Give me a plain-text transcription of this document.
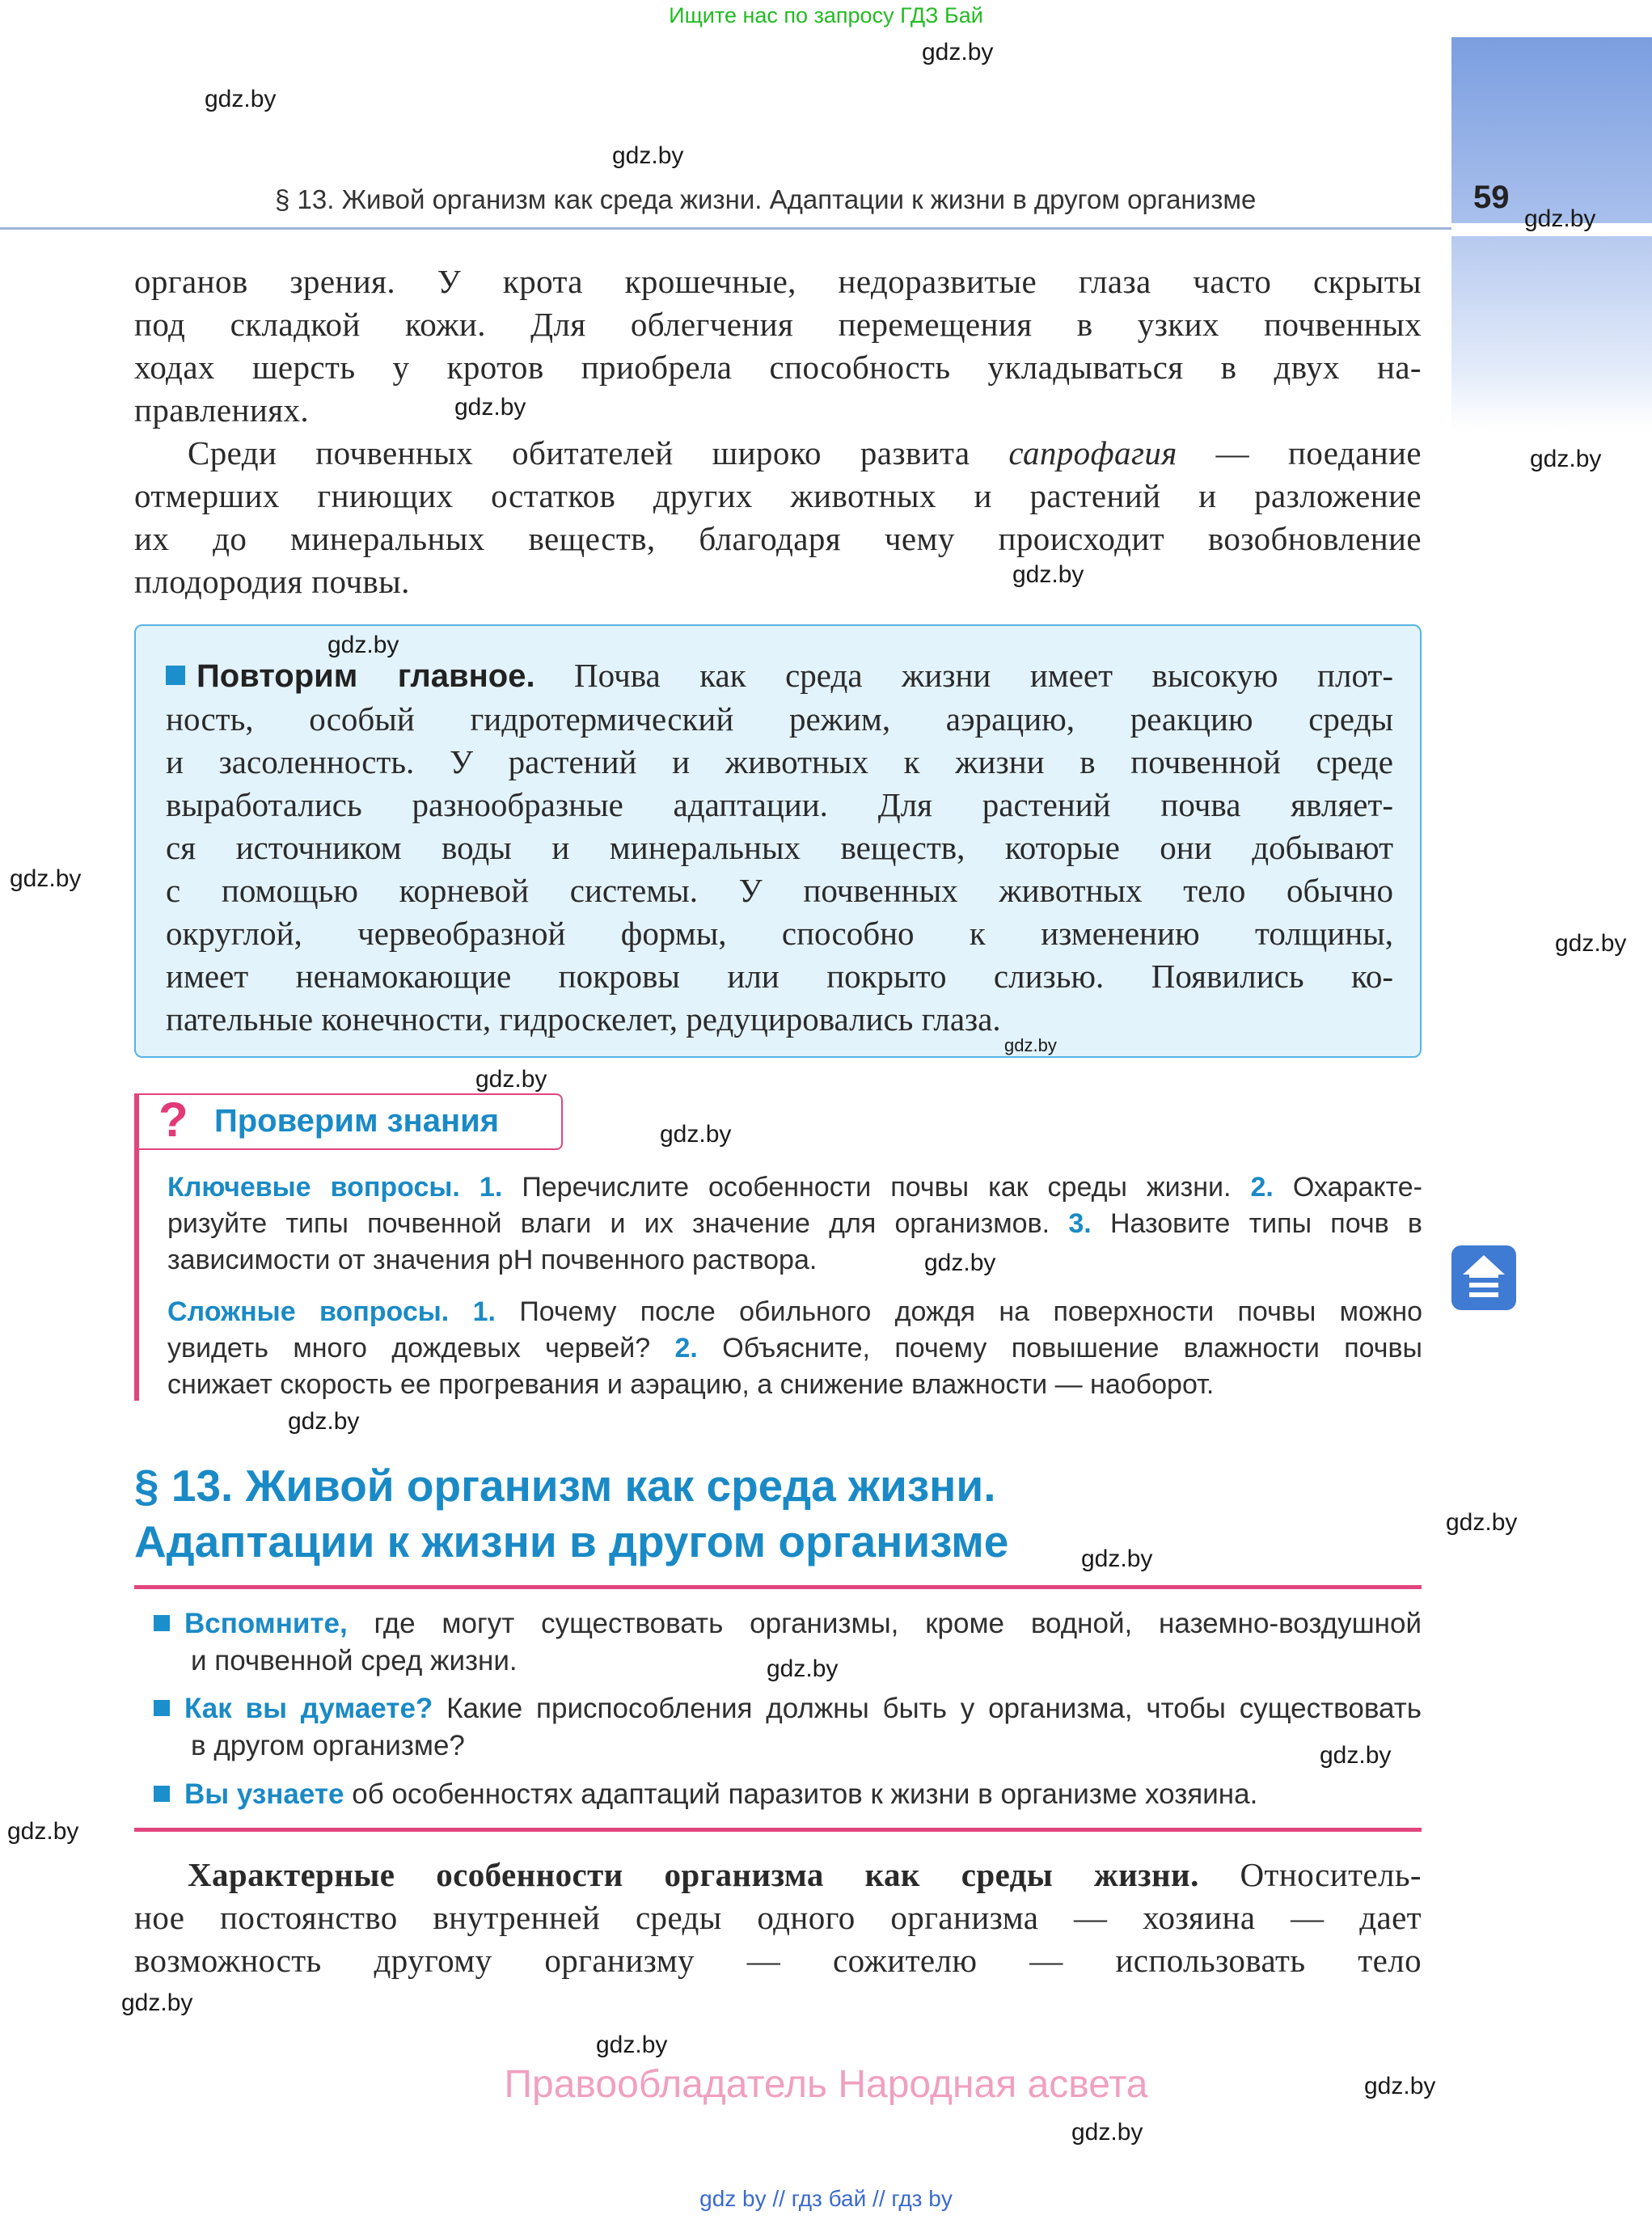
Ищите нас по запросу ГДЗ Бай
59
§ 13. Живой организм как среда жизни. Адаптации к жизни в другом организме
органов зрения. У крота крошечные, недоразвитые глаза часто скрыты
под складкой кожи. Для облегчения перемещения в узких почвенных
ходах шерсть у кротов приобрела способность укладываться в двух на-
правлениях.
Среди почвенных обитателей широко развита сапрофагия — поедание
отмерших гниющих остатков других животных и растений и разложение
их до минеральных веществ, благодаря чему происходит возобновление
плодородия почвы.
Повторим главное. Почва как среда жизни имеет высокую плот-
ность, особый гидротермический режим, аэрацию, реакцию среды
и засоленность. У растений и животных к жизни в почвенной среде
выработались разнообразные адаптации. Для растений почва являет-
ся источником воды и минеральных веществ, которые они добывают
с помощью корневой системы. У почвенных животных тело обычно
округлой, червеобразной формы, способно к изменению толщины,
имеет ненамокающие покровы или покрыто слизью. Появились ко-
пательные конечности, гидроскелет, редуцировались глаза.
? Проверим знания
Ключевые вопросы. 1. Перечислите особенности почвы как среды жизни. 2. Охаракте-
ризуйте типы почвенной влаги и их значение для организмов. 3. Назовите типы почв в
зависимости от значения pH почвенного раствора.
Сложные вопросы. 1. Почему после обильного дождя на поверхности почвы можно
увидеть много дождевых червей? 2. Объясните, почему повышение влажности почвы
снижает скорость ее прогревания и аэрацию, а снижение влажности — наоборот.
§ 13. Живой организм как среда жизни.
Адаптации к жизни в другом организме
Вспомните, где могут существовать организмы, кроме водной, наземно-воздушной
и почвенной сред жизни.
Как вы думаете? Какие приспособления должны быть у организма, чтобы существовать
в другом организме?
Вы узнаете об особенностях адаптаций паразитов к жизни в организме хозяина.
Характерные особенности организма как среды жизни. Относитель-
ное постоянство внутренней среды одного организма — хозяина — дает
возможность другому организму — сожителю — использовать тело
gdz.by
gdz.by
gdz.by
gdz.by
gdz.by
gdz.by
gdz.by
gdz.by
gdz.by
gdz.by
gdz.by
gdz.by
gdz.by
gdz.by
gdz.by
gdz.by
gdz.by
gdz.by
gdz.by
gdz.by
gdz.by
gdz.by
gdz.by
gdz.by
Правообладатель Народная асвета
gdz by // гдз бай // гдз by
